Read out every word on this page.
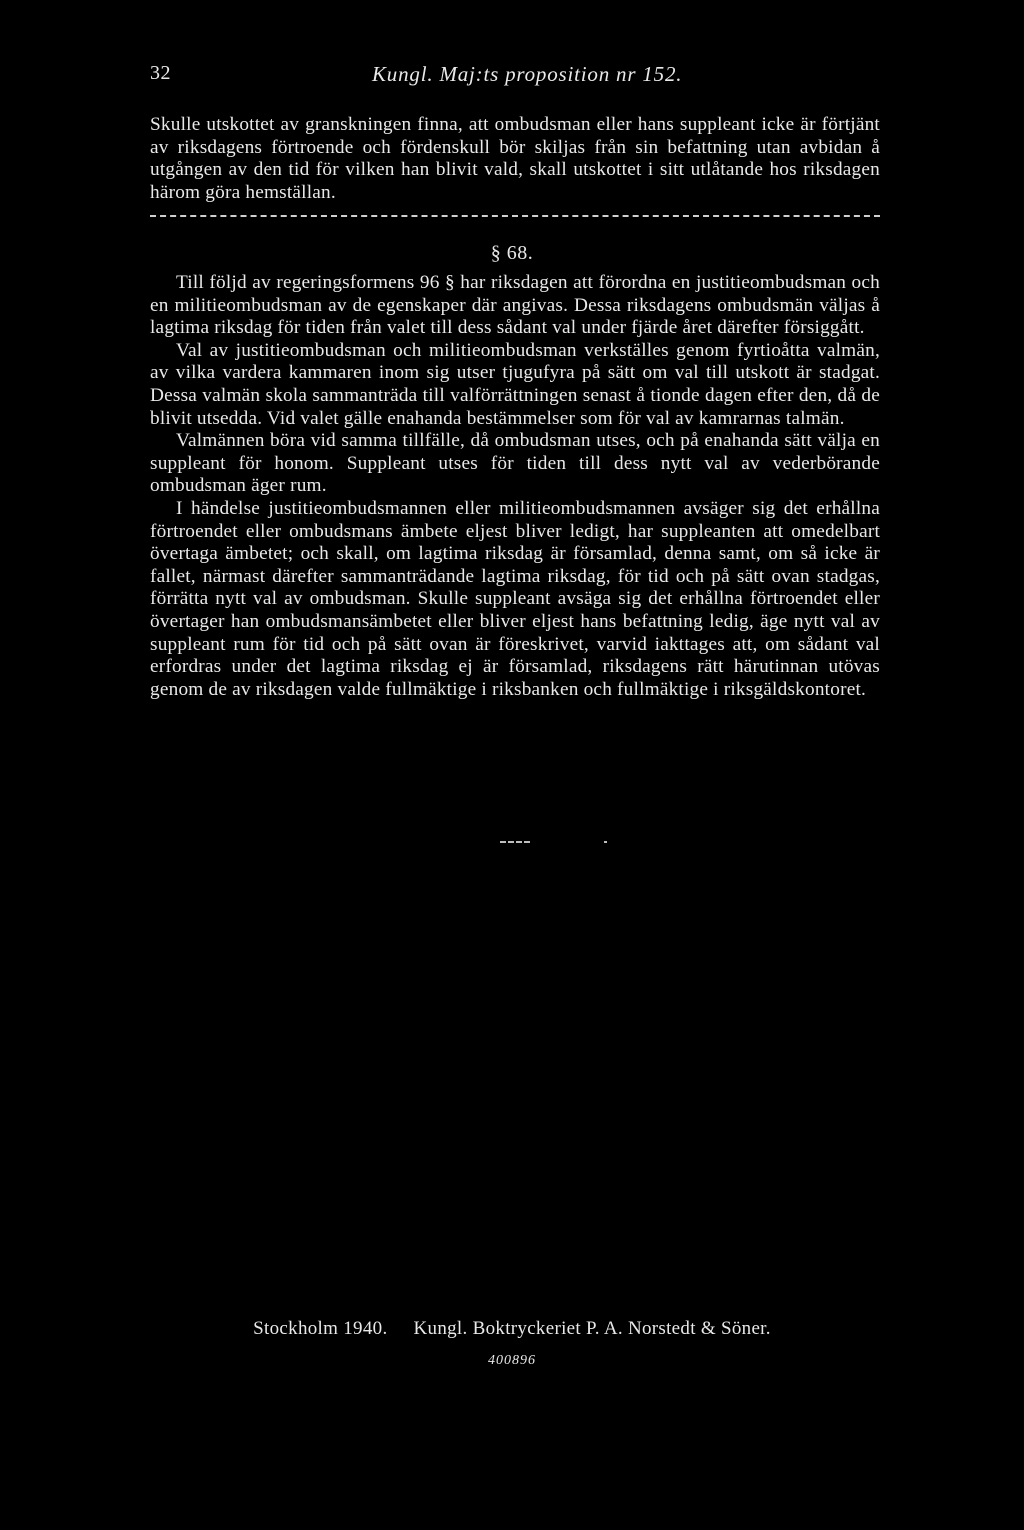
32	Kungl. Maj:ts proposition nr 152.

Skulle utskottet av granskningen finna, att ombudsman eller hans suppleant icke är förtjänt av riksdagens förtroende och fördenskull bör skiljas från sin befattning utan avbidan å utgången av den tid för vilken han blivit vald, skall utskottet i sitt utlåtande hos riksdagen härom göra hemställan.

§ 68.

Till följd av regeringsformens 96 § har riksdagen att förordna en justitieombudsman och en militieombudsman av de egenskaper där angivas. Dessa riksdagens ombudsmän väljas å lagtima riksdag för tiden från valet till dess sådant val under fjärde året därefter försiggått.

Val av justitieombudsman och militieombudsman verkställes genom fyrtioåtta valmän, av vilka vardera kammaren inom sig utser tjugufyra på sätt om val till utskott är stadgat. Dessa valmän skola sammanträda till valförrättningen senast å tionde dagen efter den, då de blivit utsedda. Vid valet gälle enahanda bestämmelser som för val av kamrarnas talmän.

Valmännen böra vid samma tillfälle, då ombudsman utses, och på enahanda sätt välja en suppleant för honom. Suppleant utses för tiden till dess nytt val av vederbörande ombudsman äger rum.

I händelse justitieombudsmannen eller militieombudsmannen avsäger sig det erhållna förtroendet eller ombudsmans ämbete eljest bliver ledigt, har suppleanten att omedelbart övertaga ämbetet; och skall, om lagtima riksdag är församlad, denna samt, om så icke är fallet, närmast därefter sammanträdande lagtima riksdag, för tid och på sätt ovan stadgas, förrätta nytt val av ombudsman. Skulle suppleant avsäga sig det erhållna förtroendet eller övertager han ombudsmansämbetet eller bliver eljest hans befattning ledig, äge nytt val av suppleant rum för tid och på sätt ovan är föreskrivet, varvid iakttages att, om sådant val erfordras under det lagtima riksdag ej är församlad, riksdagens rätt härutinnan utövas genom de av riksdagen valde fullmäktige i riksbanken och fullmäktige i riksgäldskontoret.

Stockholm 1940. Kungl. Boktryckeriet P. A. Norstedt & Söner.
400896
